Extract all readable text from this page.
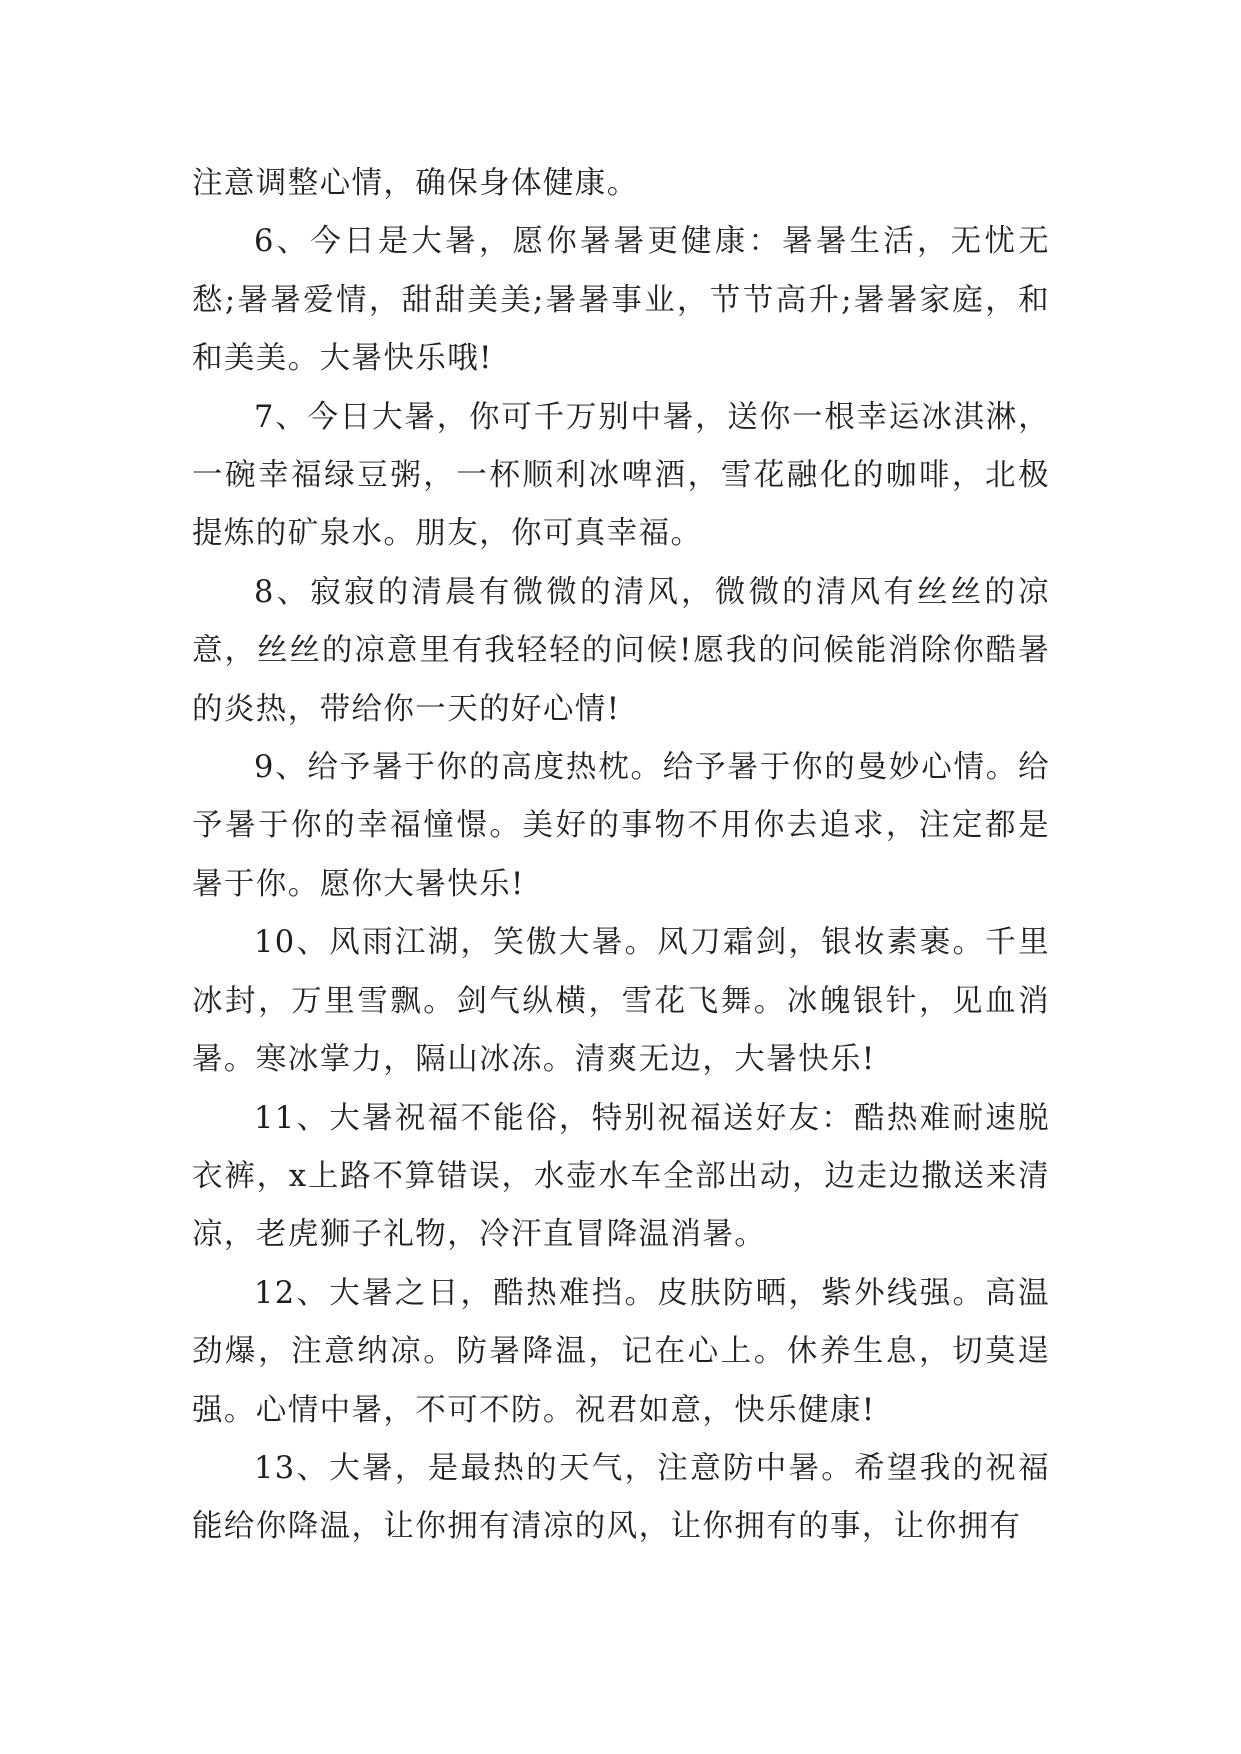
注意调整心情，确保身体健康。

6、今日是大暑，愿你暑暑更健康：暑暑生活，无忧无愁;暑暑爱情，甜甜美美;暑暑事业，节节高升;暑暑家庭，和和美美。大暑快乐哦!

7、今日大暑，你可千万别中暑，送你一根幸运冰淇淋，一碗幸福绿豆粥，一杯顺利冰啤酒，雪花融化的咖啡，北极提炼的矿泉水。朋友，你可真幸福。

8、寂寂的清晨有微微的清风，微微的清风有丝丝的凉意，丝丝的凉意里有我轻轻的问候!愿我的问候能消除你酷暑的炎热，带给你一天的好心情!

9、给予暑于你的高度热枕。给予暑于你的曼妙心情。给予暑于你的幸福憧憬。美好的事物不用你去追求，注定都是暑于你。愿你大暑快乐!

10、风雨江湖，笑傲大暑。风刀霜剑，银妆素裹。千里冰封，万里雪飘。剑气纵横，雪花飞舞。冰魄银针，见血消暑。寒冰掌力，隔山冰冻。清爽无边，大暑快乐!

11、大暑祝福不能俗，特别祝福送好友：酷热难耐速脱衣裤，x上路不算错误，水壶水车全部出动，边走边撒送来清凉，老虎狮子礼物，冷汗直冒降温消暑。

12、大暑之日，酷热难挡。皮肤防晒，紫外线强。高温劲爆，注意纳凉。防暑降温，记在心上。休养生息，切莫逞强。心情中暑，不可不防。祝君如意，快乐健康!

13、大暑，是最热的天气，注意防中暑。希望我的祝福能给你降温，让你拥有清凉的风，让你拥有的事，让你拥有
